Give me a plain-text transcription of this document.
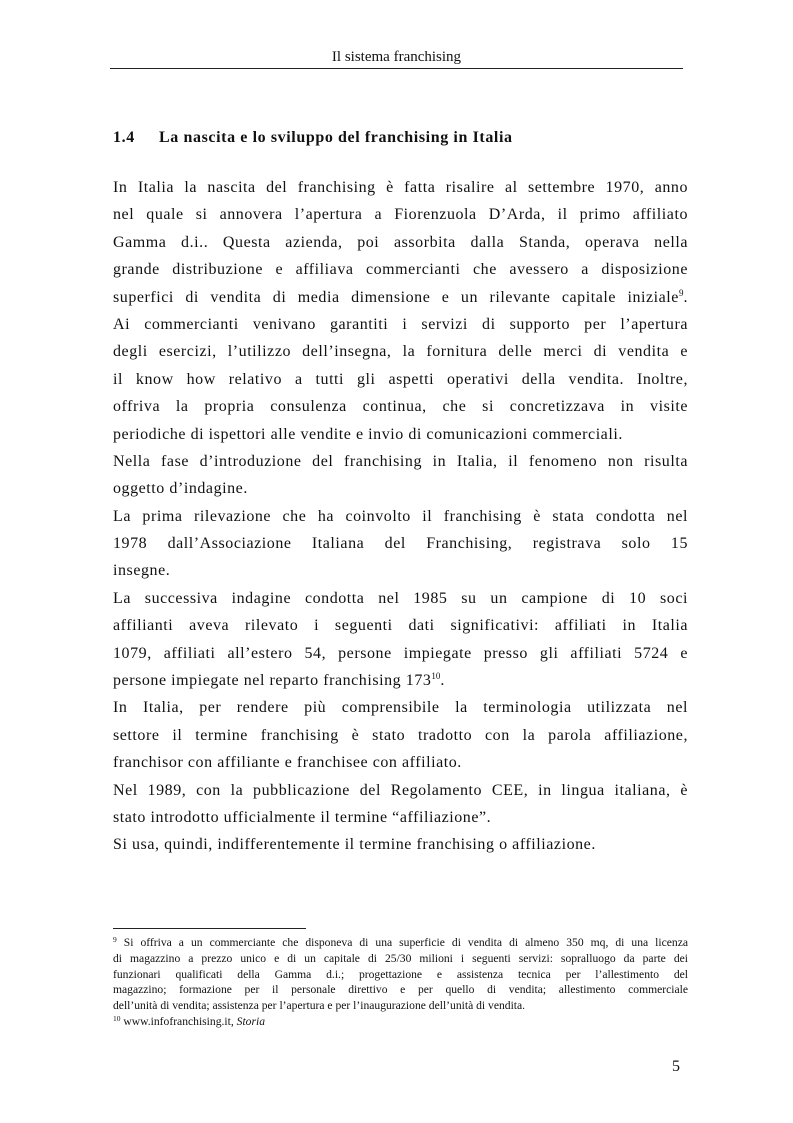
Il sistema franchising
1.4 La nascita e lo sviluppo del franchising in Italia
In Italia la nascita del franchising è fatta risalire al settembre 1970, anno
nel quale si annovera l’apertura a Fiorenzuola D’Arda, il primo affiliato
Gamma d.i.. Questa azienda, poi assorbita dalla Standa, operava nella
grande distribuzione e affiliava commercianti che avessero a disposizione
superfici di vendita di media dimensione e un rilevante capitale iniziale$^9$.
Ai commercianti venivano garantiti i servizi di supporto per l’apertura
degli esercizi, l’utilizzo dell’insegna, la fornitura delle merci di vendita e
il know how relativo a tutti gli aspetti operativi della vendita. Inoltre,
offriva la propria consulenza continua, che si concretizzava in visite
periodiche di ispettori alle vendite e invio di comunicazioni commerciali.
Nella fase d’introduzione del franchising in Italia, il fenomeno non risulta
oggetto d’indagine.
La prima rilevazione che ha coinvolto il franchising è stata condotta nel
1978 dall’Associazione Italiana del Franchising, registrava solo 15
insegne.
La successiva indagine condotta nel 1985 su un campione di 10 soci
affilianti aveva rilevato i seguenti dati significativi: affiliati in Italia
1079, affiliati all’estero 54, persone impiegate presso gli affiliati 5724 e
persone impiegate nel reparto franchising $173^{10}$.
In Italia, per rendere più comprensibile la terminologia utilizzata nel
settore il termine franchising è stato tradotto con la parola affiliazione,
franchisor con affiliante e franchisee con affiliato.
Nel 1989, con la pubblicazione del Regolamento CEE, in lingua italiana, è
stato introdotto ufficialmente il termine “affiliazione”.
Si usa, quindi, indifferentemente il termine franchising o affiliazione.
$^9$ Si offriva a un commerciante che disponeva di una superficie di vendita di almeno 350 mq, di una licenza
di magazzino a prezzo unico e di un capitale di 25/30 milioni i seguenti servizi: sopralluogo da parte dei
funzionari qualificati della Gamma d.i.; progettazione e assistenza tecnica per l’allestimento del
magazzino; formazione per il personale direttivo e per quello di vendita; allestimento commerciale
dell’unità di vendita; assistenza per l’apertura e per l’inaugurazione dell’unità di vendita.
$^{10}$ www.infofranchising.it, Storia
5
